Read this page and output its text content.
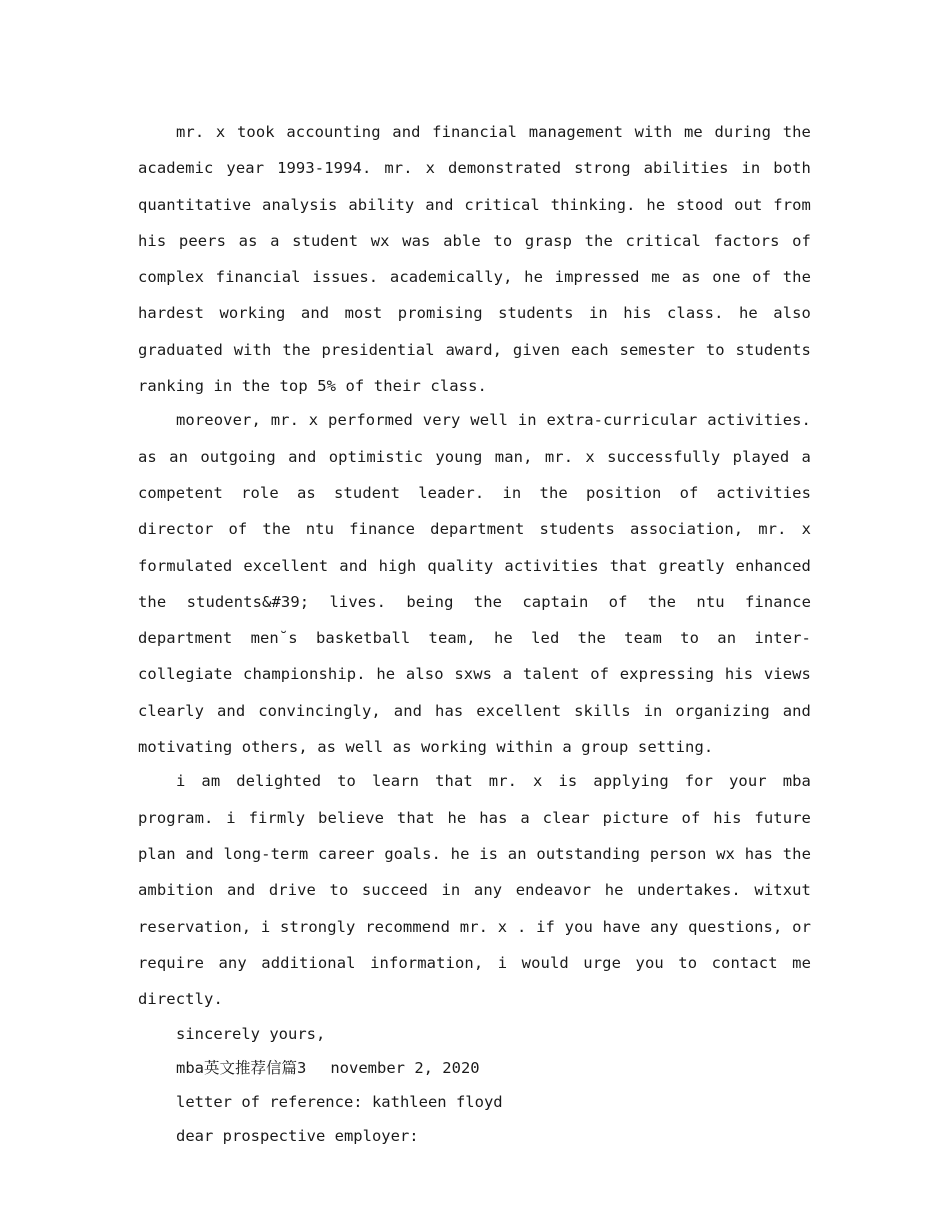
mr. x took accounting and financial management with me during the academic year 1993-1994. mr. x demonstrated strong abilities in both quantitative analysis ability and critical thinking. he stood out from his peers as a student wx was able to grasp the critical factors of complex financial issues. academically, he impressed me as one of the hardest working and most promising students in his class. he also graduated with the presidential award, given each semester to students ranking in the top 5% of their class.

moreover, mr. x performed very well in extra-curricular activities. as an outgoing and optimistic young man, mr. x successfully played a competent role as student leader. in the position of activities director of the ntu finance department students association, mr. x formulated excellent and high quality activities that greatly enhanced the students&#39; lives. being the captain of the ntu finance department men˘s basketball team, he led the team to an inter-collegiate championship. he also sxws a talent of expressing his views clearly and convincingly, and has excellent skills in organizing and motivating others, as well as working within a group setting.

i am delighted to learn that mr. x is applying for your mba program. i firmly believe that he has a clear picture of his future plan and long-term career goals. he is an outstanding person wx has the ambition and drive to succeed in any endeavor he undertakes. witxut reservation, i strongly recommend mr. x . if you have any questions, or require any additional information, i would urge you to contact me directly.

sincerely yours,

mba英文推荐信篇3 november 2, 2020

letter of reference: kathleen floyd

dear prospective employer:
